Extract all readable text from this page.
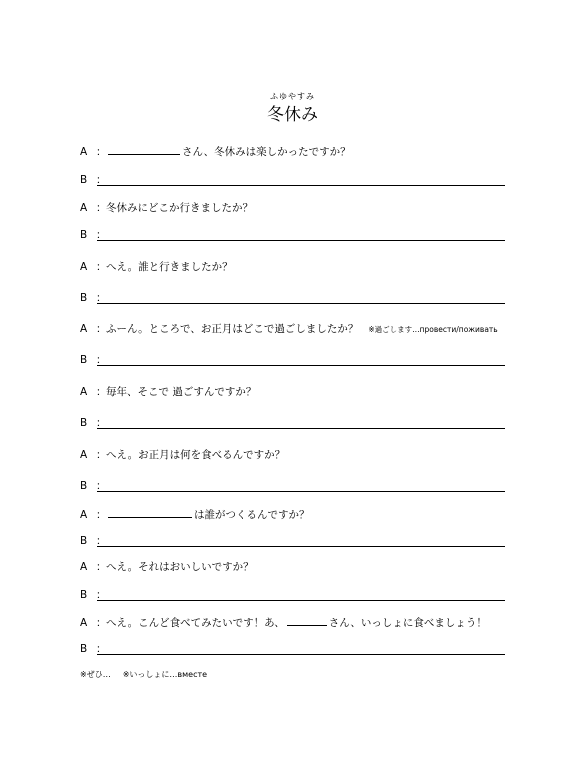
ふゆやすみ
冬休み
A ：	さん、冬休みは楽しかったですか？
B ：
A ：冬休みにどこか行きましたか？
B ：
A ：へえ。誰と行きましたか？
B ：
A ：ふーん。ところで、お正月はどこで過ごしましたか？ ※過ごします…провести/поживать
B ：
A ：毎年、そこで 過ごすんですか？
B ：
A ：へえ。お正月は何を食べるんですか？
B ：
A ：	は誰がつくるんですか？
B ：
A ：へえ。それはおいしいですか？
B ：
A ：へえ。こんど食べてみたいです！あ、	さん、いっしょに食べましょう！
B ：
※ぜひ… ※いっしょに…вместе
